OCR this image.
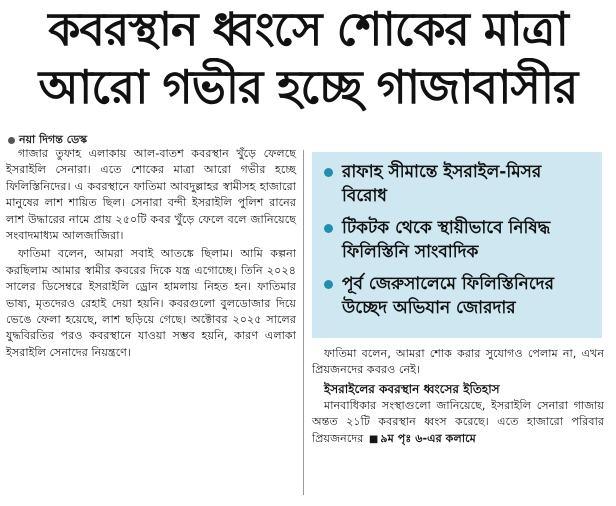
কবরস্থান ধ্বংসে শোকের মাত্রা
আরো গভীর হচ্ছে গাজাবাসীর
নয়া দিগন্ত ডেস্ক

গাজার তুফাহ এলাকায় আল-বাতশ কবরস্থান খুঁড়ে ফেলছে ইসরাইলি সেনারা। এতে শোকের মাত্রা আরো গভীর হচ্ছে ফিলিস্তিনিদের। এ কবরস্থানে ফাতিমা আবদুল্লাহর স্বামীসহ হাজারো মানুষের লাশ শায়িত ছিল। সেনারা বন্দী ইসরাইলি পুলিশ রানের লাশ উদ্ধারের নামে প্রায় ২৫০টি কবর খুঁড়ে ফেলে বলে জানিয়েছে সংবাদমাধ্যম আলজাজিরা।

ফাতিমা বলেন, আমরা সবাই আতঙ্কে ছিলাম। আমি কল্পনা করছিলাম আমার স্বামীর কবরের দিকে যন্ত্র এগোচ্ছে। তিনি ২০২৪ সালের ডিসেম্বরে ইসরাইলি ড্রোন হামলায় নিহত হন। ফাতিমার ভাষ্য, মৃতদেরও রেহাই দেয়া হয়নি। কবরগুলো বুলডোজার দিয়ে ভেঙে ফেলা হয়েছে, লাশ ছড়িয়ে গেছে। অক্টোবর ২০২৫ সালের যুদ্ধবিরতির পরও কবরস্থানে যাওয়া সম্ভব হয়নি, কারণ এলাকা ইসরাইলি সেনাদের নিয়ন্ত্রণে।

রাফাহ সীমান্তে ইসরাইল-মিসর বিরোধ
টিকটক থেকে স্থায়ীভাবে নিষিদ্ধ ফিলিস্তিনি সাংবাদিক
পূর্ব জেরুসালেমে ফিলিস্তিনিদের উচ্ছেদ অভিযান জোরদার

ফাতিমা বলেন, আমরা শোক করার সুযোগও পেলাম না, এখন প্রিয়জনদের কবরও নেই।

ইসরাইলের কবরস্থান ধ্বংসের ইতিহাস

মানবাধিকার সংস্থাগুলো জানিয়েছে, ইসরাইলি সেনারা গাজায় অন্তত ২১টি কবরস্থান ধ্বংস করেছে। এতে হাজারো পরিবার প্রিয়জনদের ■ ৯ম পৃঃ ৬-এর কলামে
